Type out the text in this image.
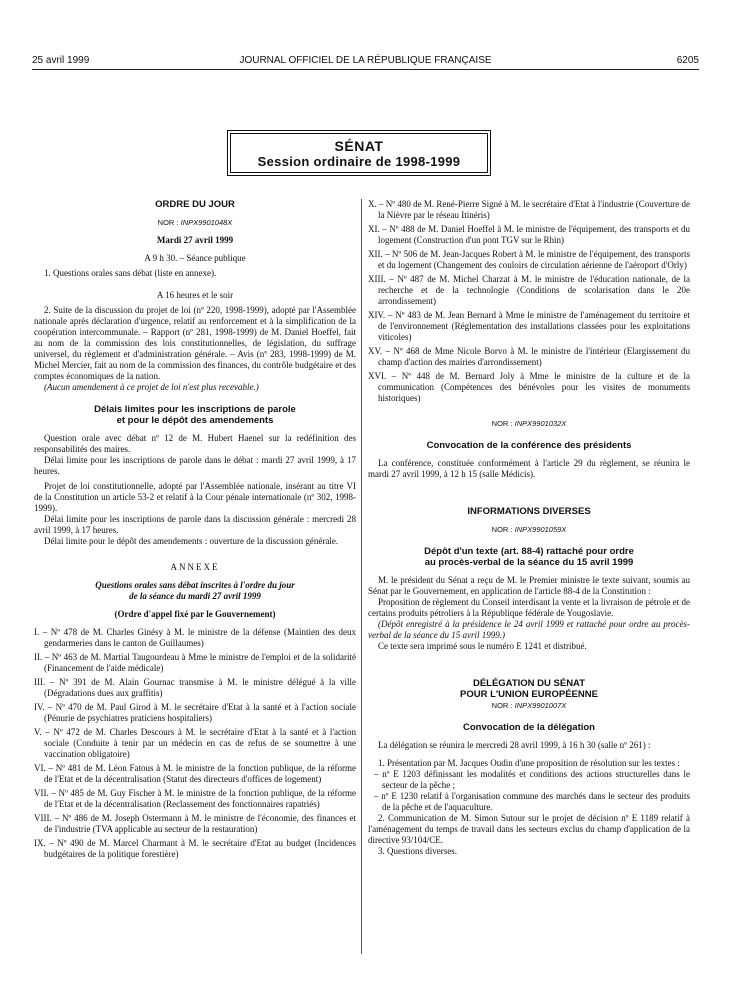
25 avril 1999	JOURNAL OFFICIEL DE LA RÉPUBLIQUE FRANÇAISE	6205
SÉNAT
Session ordinaire de 1998-1999
ORDRE DU JOUR
NOR : INPX9901048X
Mardi 27 avril 1999
A 9 h 30. – Séance publique

1. Questions orales sans débat (liste en annexe).

A 16 heures et le soir

2. Suite de la discussion du projet de loi (nº 220, 1998-1999), adopté par l'Assemblée nationale après déclaration d'urgence, relatif au renforcement et à la simplification de la coopération intercommunale. – Rapport (nº 281, 1998-1999) de M. Daniel Hoeffel, fait au nom de la commission des lois constitutionnelles, de législation, du suffrage universel, du règlement et d'administration générale. – Avis (nº 283, 1998-1999) de M. Michel Mercier, fait au nom de la commission des finances, du contrôle budgétaire et des comptes économiques de la nation.

(Aucun amendement à ce projet de loi n'est plus recevable.)

Délais limites pour les inscriptions de parole
et pour le dépôt des amendements

Question orale avec débat nº 12 de M. Hubert Haenel sur la redéfinition des responsabilités des maires.

Délai limite pour les inscriptions de parole dans le débat : mardi 27 avril 1999, à 17 heures.

Projet de loi constitutionnelle, adopté par l'Assemblée nationale, insérant au titre VI de la Constitution un article 53-2 et relatif à la Cour pénale internationale (nº 302, 1998-1999).

Délai limite pour les inscriptions de parole dans la discussion générale : mercredi 28 avril 1999, à 17 heures.

Délai limite pour le dépôt des amendements : ouverture de la discussion générale.

ANNEXE
Questions orales sans débat inscrites à l'ordre du jour
de la séance du mardi 27 avril 1999
(Ordre d'appel fixé par le Gouvernement)

I. – Nº 478 de M. Charles Ginésy à M. le ministre de la défense (Maintien des deux gendarmeries dans le canton de Guillaumes)

II. – Nº 463 de M. Martial Taugourdeau à Mme le ministre de l'emploi et de la solidarité (Financement de l'aide médicale)

III. – Nº 391 de M. Alain Gournac transmise à M. le ministre délégué à la ville (Dégradations dues aux graffitis)

IV. – Nº 470 de M. Paul Girod à M. le secrétaire d'Etat à la santé et à l'action sociale (Pénurie de psychiatres praticiens hospitaliers)

V. – Nº 472 de M. Charles Descours à M. le secrétaire d'Etat à la santé et à l'action sociale (Conduite à tenir par un médecin en cas de refus de se soumettre à une vaccination obligatoire)

VI. – Nº 481 de M. Léon Fatous à M. le ministre de la fonction publique, de la réforme de l'Etat et de la décentralisation (Statut des directeurs d'offices de logement)

VII. – Nº 485 de M. Guy Fischer à M. le ministre de la fonction publique, de la réforme de l'Etat et de la décentralisation (Reclassement des fonctionnaires rapatriés)

VIII. – Nº 486 de M. Joseph Ostermann à M. le ministre de l'économie, des finances et de l'industrie (TVA applicable au secteur de la restauration)

IX. – Nº 490 de M. Marcel Charmant à M. le secrétaire d'Etat au budget (Incidences budgétaires de la politique forestière)

X. – Nº 480 de M. René-Pierre Signé à M. le secrétaire d'Etat à l'industrie (Couverture de la Nièvre par le réseau Itinéris)

XI. – Nº 488 de M. Daniel Hoeffel à M. le ministre de l'équipement, des transports et du logement (Construction d'un pont TGV sur le Rhin)

XII. – Nº 506 de M. Jean-Jacques Robert à M. le ministre de l'équipement, des transports et du logement (Changement des couloirs de circulation aérienne de l'aéroport d'Orly)

XIII. – Nº 487 de M. Michel Charzat à M. le ministre de l'éducation nationale, de la recherche et de la technologie (Conditions de scolarisation dans le 20e arrondissement)

XIV. – Nº 483 de M. Jean Bernard à Mme le ministre de l'aménagement du territoire et de l'environnement (Réglementation des installations classées pour les exploitations viticoles)

XV. – Nº 468 de Mme Nicole Borvo à M. le ministre de l'intérieur (Elargissement du champ d'action des mairies d'arrondissement)

XVI. – Nº 448 de M. Bernard Joly à Mme le ministre de la culture et de la communication (Compétences des bénévoles pour les visites de monuments historiques)

NOR : INPX9901032X
Convocation de la conférence des présidents

La conférence, constituée conformément à l'article 29 du règlement, se réunira le mardi 27 avril 1999, à 12 h 15 (salle Médicis).

INFORMATIONS DIVERSES
NOR : INPX9901059X
Dépôt d'un texte (art. 88-4) rattaché pour ordre
au procès-verbal de la séance du 15 avril 1999

M. le président du Sénat a reçu de M. le Premier ministre le texte suivant, soumis au Sénat par le Gouvernement, en application de l'article 88-4 de la Constitution :

Proposition de règlement du Conseil interdisant la vente et la livraison de pétrole et de certains produits pétroliers à la République fédérale de Yougoslavie.

(Dépôt enregistré à la présidence le 24 avril 1999 et rattaché pour ordre au procès-verbal de la séance du 15 avril 1999.)

Ce texte sera imprimé sous le numéro E 1241 et distribué.

DÉLÉGATION DU SÉNAT
POUR L'UNION EUROPÉENNE
NOR : INPX9901007X
Convocation de la délégation

La délégation se réunira le mercredi 28 avril 1999, à 16 h 30 (salle nº 261) :

1. Présentation par M. Jacques Oudin d'une proposition de résolution sur les textes :

– nº E 1203 définissant les modalités et conditions des actions structurelles dans le secteur de la pêche ;

– nº E 1230 relatif à l'organisation commune des marchés dans le secteur des produits de la pêche et de l'aquaculture.

2. Communication de M. Simon Sutour sur le projet de décision nº E 1189 relatif à l'aménagement du temps de travail dans les secteurs exclus du champ d'application de la directive 93/104/CE.

3. Questions diverses.
